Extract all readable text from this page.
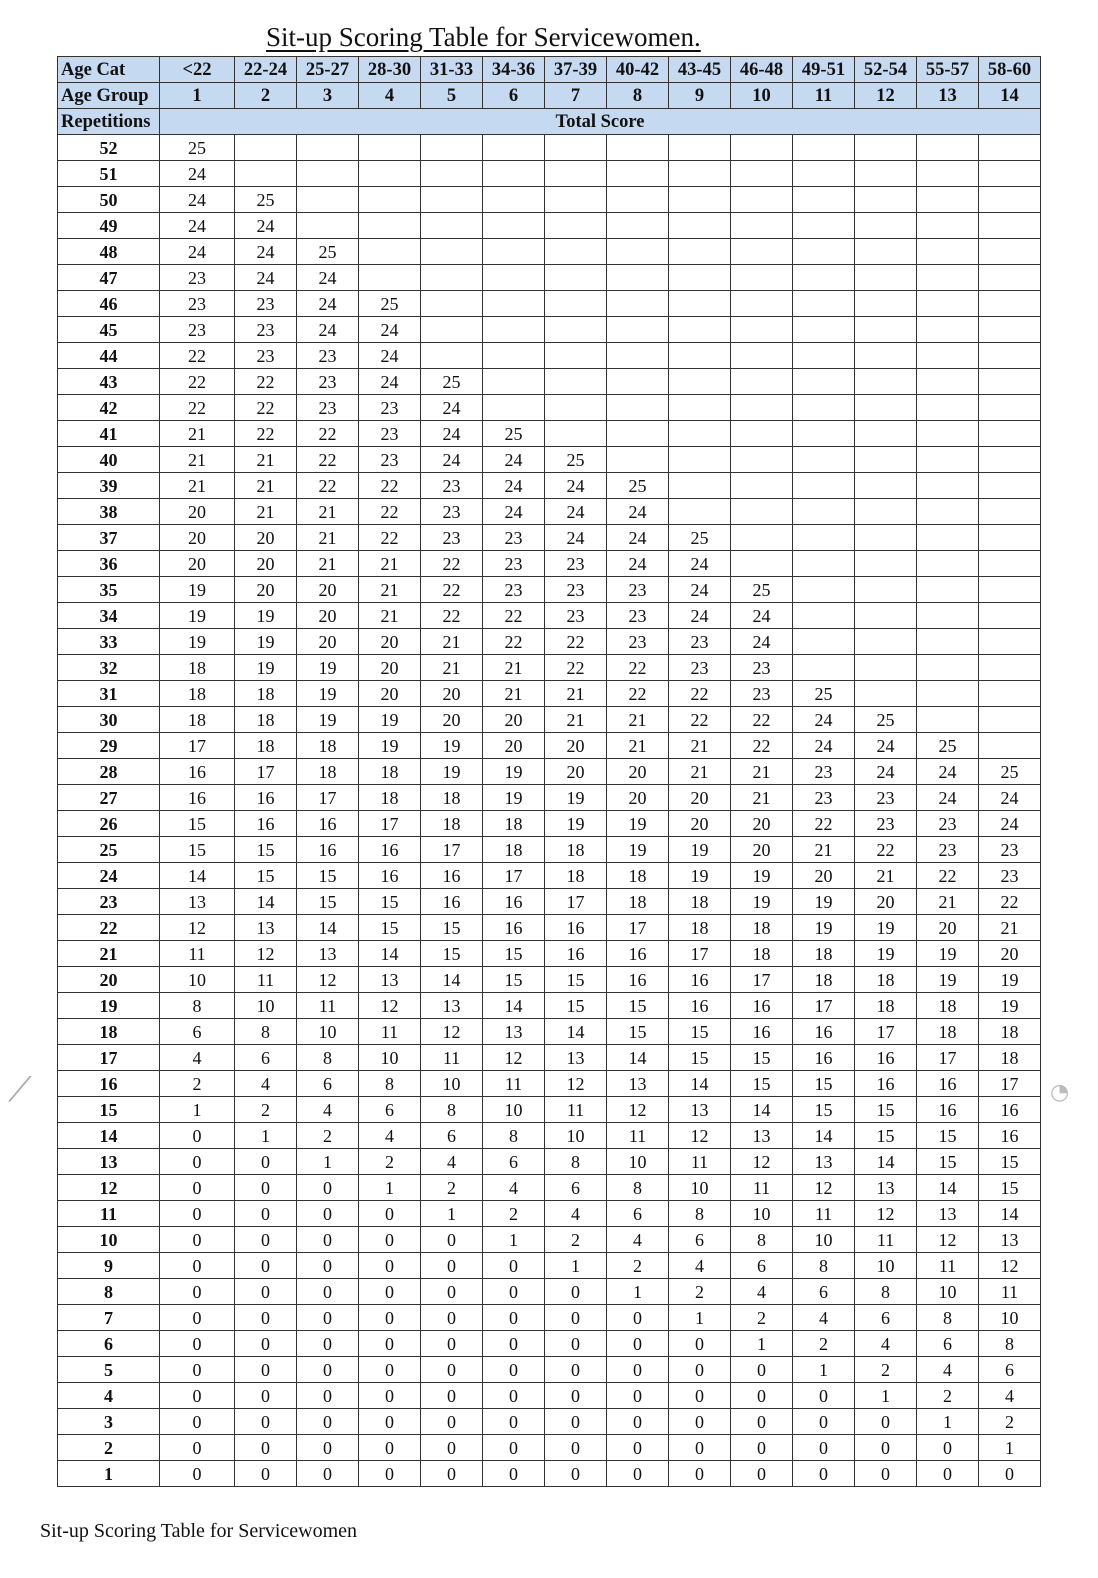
Sit-up Scoring Table for Servicewomen.
Age Cat	<22	22-24	25-27	28-30	31-33	34-36	37-39	40-42	43-45	46-48	49-51	52-54	55-57	58-60
Age Group	1	2	3	4	5	6	7	8	9	10	11	12	13	14
Repetitions	Total Score													
52	25													
51	24													
50	24	25												
49	24	24												
48	24	24	25											
47	23	24	24											
46	23	23	24	25										
45	23	23	24	24										
44	22	23	23	24										
43	22	22	23	24	25									
42	22	22	23	23	24									
41	21	22	22	23	24	25								
40	21	21	22	23	24	24	25							
39	21	21	22	22	23	24	24	25						
38	20	21	21	22	23	24	24	24						
37	20	20	21	22	23	23	24	24	25					
36	20	20	21	21	22	23	23	24	24					
35	19	20	20	21	22	23	23	23	24	25				
34	19	19	20	21	22	22	23	23	24	24				
33	19	19	20	20	21	22	22	23	23	24				
32	18	19	19	20	21	21	22	22	23	23				
31	18	18	19	20	20	21	21	22	22	23	25			
30	18	18	19	19	20	20	21	21	22	22	24	25		
29	17	18	18	19	19	20	20	21	21	22	24	24	25	
28	16	17	18	18	19	19	20	20	21	21	23	24	24	25
27	16	16	17	18	18	19	19	20	20	21	23	23	24	24
26	15	16	16	17	18	18	19	19	20	20	22	23	23	24
25	15	15	16	16	17	18	18	19	19	20	21	22	23	23
24	14	15	15	16	16	17	18	18	19	19	20	21	22	23
23	13	14	15	15	16	16	17	18	18	19	19	20	21	22
22	12	13	14	15	15	16	16	17	18	18	19	19	20	21
21	11	12	13	14	15	15	16	16	17	18	18	19	19	20
20	10	11	12	13	14	15	15	16	16	17	18	18	19	19
19	8	10	11	12	13	14	15	15	16	16	17	18	18	19
18	6	8	10	11	12	13	14	15	15	16	16	17	18	18
17	4	6	8	10	11	12	13	14	15	15	16	16	17	18
16	2	4	6	8	10	11	12	13	14	15	15	16	16	17
15	1	2	4	6	8	10	11	12	13	14	15	15	16	16
14	0	1	2	4	6	8	10	11	12	13	14	15	15	16
13	0	0	1	2	4	6	8	10	11	12	13	14	15	15
12	0	0	0	1	2	4	6	8	10	11	12	13	14	15
11	0	0	0	0	1	2	4	6	8	10	11	12	13	14
10	0	0	0	0	0	1	2	4	6	8	10	11	12	13
9	0	0	0	0	0	0	1	2	4	6	8	10	11	12
8	0	0	0	0	0	0	0	1	2	4	6	8	10	11
7	0	0	0	0	0	0	0	0	1	2	4	6	8	10
6	0	0	0	0	0	0	0	0	0	1	2	4	6	8
5	0	0	0	0	0	0	0	0	0	0	1	2	4	6
4	0	0	0	0	0	0	0	0	0	0	0	1	2	4
3	0	0	0	0	0	0	0	0	0	0	0	0	1	2
2	0	0	0	0	0	0	0	0	0	0	0	0	0	1
1	0	0	0	0	0	0	0	0	0	0	0	0	0	0
Sit-up Scoring Table for Servicewomen
⟋	◔
